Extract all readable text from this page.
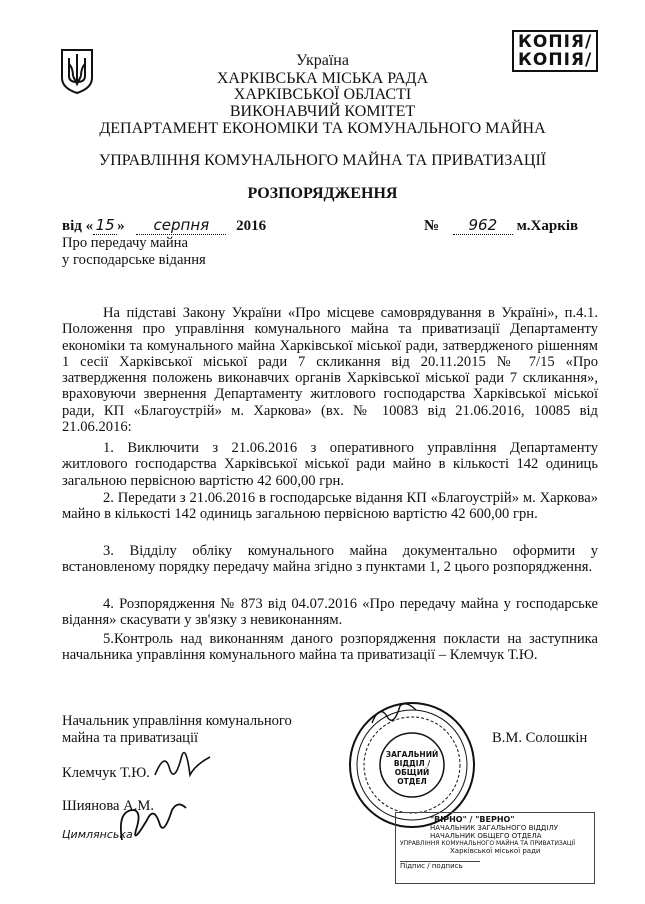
КОПІЯ/
КОПІЯ/
Україна
ХАРКІВСЬКА МІСЬКА РАДА
ХАРКІВСЬКОЇ ОБЛАСТІ
ВИКОНАВЧИЙ КОМІТЕТ
ДЕПАРТАМЕНТ ЕКОНОМІКИ ТА КОМУНАЛЬНОГО МАЙНА
УПРАВЛІННЯ КОМУНАЛЬНОГО МАЙНА ТА ПРИВАТИЗАЦІЇ
РОЗПОРЯДЖЕННЯ
від « 15 » серпня 2016	№ 962 м.Харків
Про передачу майна
у господарське відання
На підставі Закону України «Про місцеве самоврядування в Україні», п.4.1. Положення про управління комунального майна та приватизації Департаменту економіки та комунального майна Харківської міської ради, затвердженого рішенням 1 сесії Харківської міської ради 7 скликання від 20.11.2015 № 7/15 «Про затвердження положень виконавчих органів Харківської міської ради 7 скликання», враховуючи звернення Департаменту житлового господарства Харківської міської ради, КП «Благоустрій» м. Харкова» (вх. № 10083 від 21.06.2016, 10085 від 21.06.2016:
1. Виключити з 21.06.2016 з оперативного управління Департаменту житлового господарства Харківської міської ради майно в кількості 142 одиниць загальною первісною вартістю 42 600,00 грн.
2. Передати з 21.06.2016 в господарське відання КП «Благоустрій» м. Харкова» майно в кількості 142 одиниць загальною первісною вартістю 42 600,00 грн.
3. Відділу обліку комунального майна документально оформити у встановленому порядку передачу майна згідно з пунктами 1, 2 цього розпорядження.
4. Розпорядження № 873 від 04.07.2016 «Про передачу майна у господарське відання» скасувати у зв'язку з невиконанням.
5.Контроль над виконанням даного розпорядження покласти на заступника начальника управління комунального майна та приватизації – Клемчук Т.Ю.
Начальник управління комунального
майна та приватизації	В.М. Солошкін
Клемчук Т.Ю.
Шиянова А.М.
Цимлянська
ЗАГАЛЬНИЙ
ВІДДІЛ /
ОБЩИЙ ОТДЕЛ
"ВІРНО" / "ВЕРНО"
НАЧАЛЬНИК ЗАГАЛЬНОГО ВІДДІЛУ
НАЧАЛЬНИК ОБЩЕГО ОТДЕЛА
УПРАВЛІННЯ КОМУНАЛЬНОГО МАЙНА ТА ПРИВАТИЗАЦІЇ
Харківської міської ради
Підпис / подпись
